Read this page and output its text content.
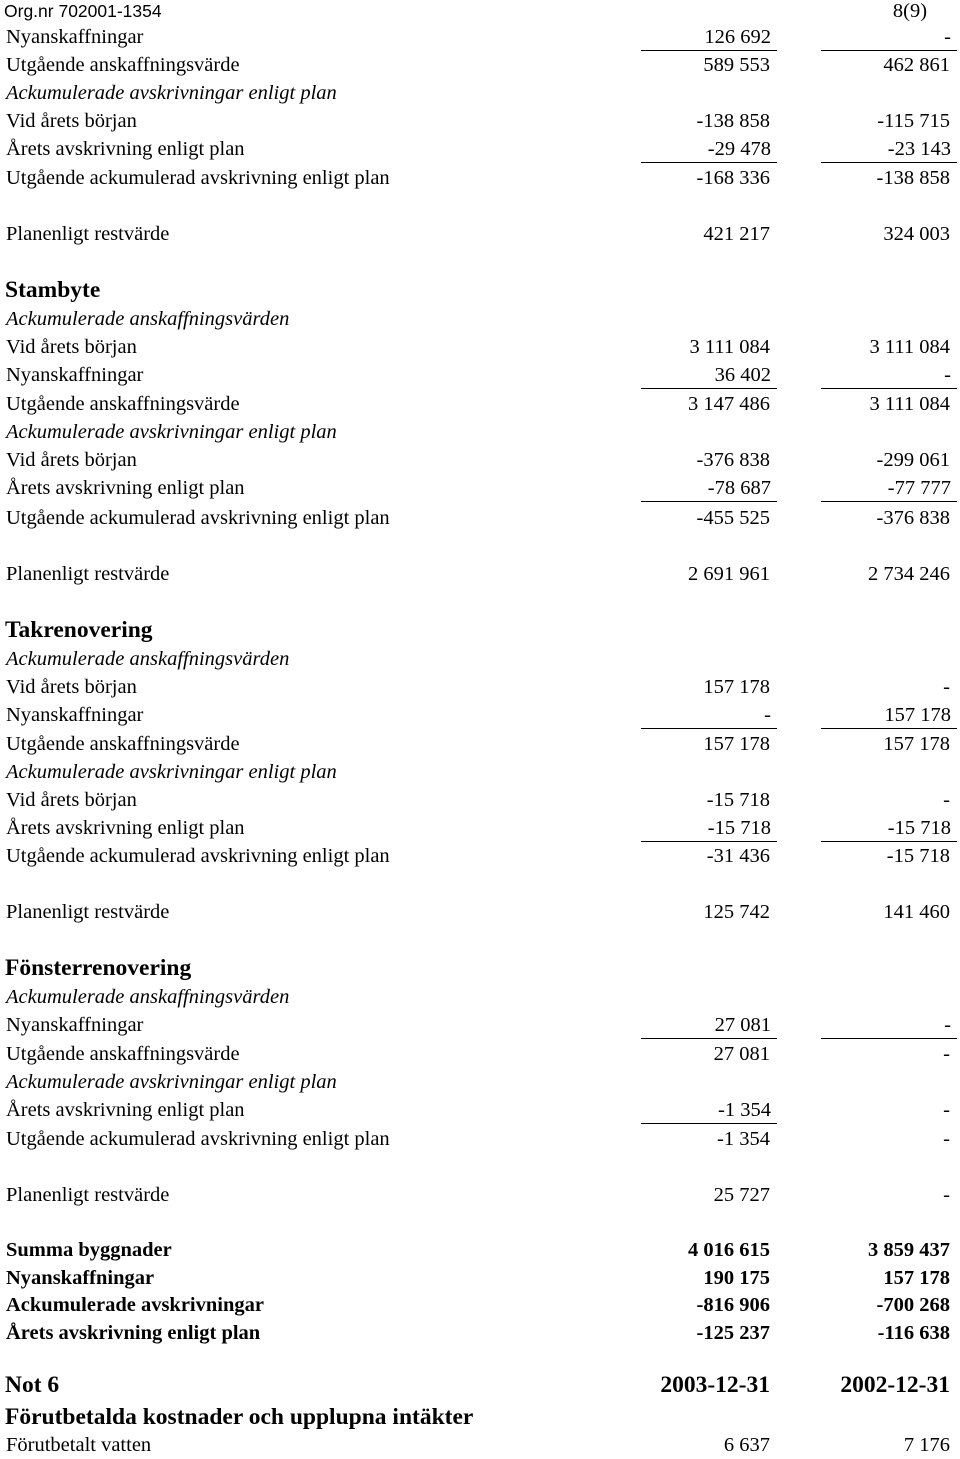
Org.nr 702001-1354	8(9)
Nyanskaffningar	126 692	-
Utgående anskaffningsvärde	589 553	462 861
Ackumulerade avskrivningar enligt plan
Vid årets början	-138 858	-115 715
Årets avskrivning enligt plan	-29 478	-23 143
Utgående ackumulerad avskrivning enligt plan	-168 336	-138 858
Planenligt restvärde	421 217	324 003
Stambyte
Ackumulerade anskaffningsvärden
Vid årets början	3 111 084	3 111 084
Nyanskaffningar	36 402	-
Utgående anskaffningsvärde	3 147 486	3 111 084
Ackumulerade avskrivningar enligt plan
Vid årets början	-376 838	-299 061
Årets avskrivning enligt plan	-78 687	-77 777
Utgående ackumulerad avskrivning enligt plan	-455 525	-376 838
Planenligt restvärde	2 691 961	2 734 246
Takrenovering
Ackumulerade anskaffningsvärden
Vid årets början	157 178	-
Nyanskaffningar	-	157 178
Utgående anskaffningsvärde	157 178	157 178
Ackumulerade avskrivningar enligt plan
Vid årets början	-15 718	-
Årets avskrivning enligt plan	-15 718	-15 718
Utgående ackumulerad avskrivning enligt plan	-31 436	-15 718
Planenligt restvärde	125 742	141 460
Fönsterrenovering
Ackumulerade anskaffningsvärden
Nyanskaffningar	27 081	-
Utgående anskaffningsvärde	27 081	-
Ackumulerade avskrivningar enligt plan
Årets avskrivning enligt plan	-1 354	-
Utgående ackumulerad avskrivning enligt plan	-1 354	-
Planenligt restvärde	25 727	-
Summa byggnader	4 016 615	3 859 437
Nyanskaffningar	190 175	157 178
Ackumulerade avskrivningar	-816 906	-700 268
Årets avskrivning enligt plan	-125 237	-116 638
Not 6	2003-12-31	2002-12-31
Förutbetalda kostnader och upplupna intäkter
Förutbetalt vatten	6 637	7 176
